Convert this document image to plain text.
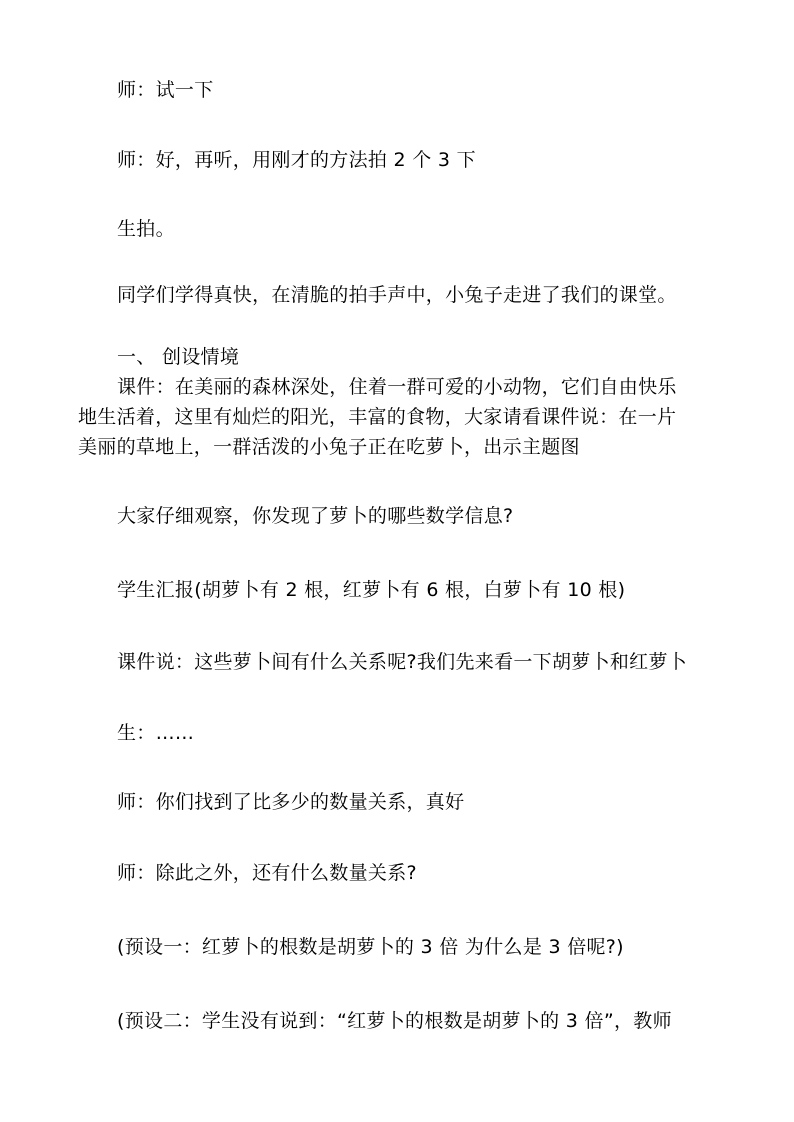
师：试一下
师：好，再听，用刚才的方法拍 2 个 3 下
生拍。
同学们学得真快，在清脆的拍手声中，小兔子走进了我们的课堂。
一、 创设情境
课件：在美丽的森林深处，住着一群可爱的小动物，它们自由快乐
地生活着，这里有灿烂的阳光，丰富的食物，大家请看课件说：在一片
美丽的草地上，一群活泼的小兔子正在吃萝卜，出示主题图
大家仔细观察，你发现了萝卜的哪些数学信息?
学生汇报(胡萝卜有 2 根，红萝卜有 6 根，白萝卜有 10 根)
课件说：这些萝卜间有什么关系呢?我们先来看一下胡萝卜和红萝卜
生：……
师：你们找到了比多少的数量关系，真好
师：除此之外，还有什么数量关系?
(预设一：红萝卜的根数是胡萝卜的 3 倍 为什么是 3 倍呢?)
(预设二：学生没有说到：“红萝卜的根数是胡萝卜的 3 倍”，教师
